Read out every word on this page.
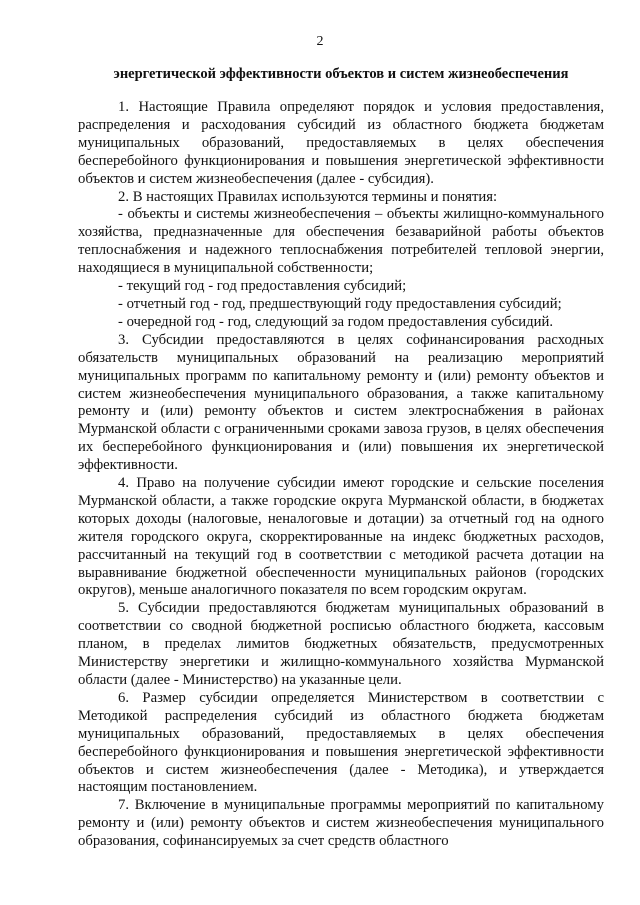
2
энергетической эффективности объектов и систем жизнеобеспечения

1. Настоящие Правила определяют порядок и условия предоставления, распределения и расходования субсидий из областного бюджета бюджетам муниципальных образований, предоставляемых в целях обеспечения бесперебойного функционирования и повышения энергетической эффективности объектов и систем жизнеобеспечения (далее - субсидия).

2. В настоящих Правилах используются термины и понятия:

- объекты и системы жизнеобеспечения – объекты жилищно-коммунального хозяйства, предназначенные для обеспечения безаварийной работы объектов теплоснабжения и надежного теплоснабжения потребителей тепловой энергии, находящиеся в муниципальной собственности;

- текущий год - год предоставления субсидий;

- отчетный год - год, предшествующий году предоставления субсидий;

- очередной год - год, следующий за годом предоставления субсидий.

3. Субсидии предоставляются в целях софинансирования расходных обязательств муниципальных образований на реализацию мероприятий муниципальных программ по капитальному ремонту и (или) ремонту объектов и систем жизнеобеспечения муниципального образования, а также капитальному ремонту и (или) ремонту объектов и систем электроснабжения в районах Мурманской области с ограниченными сроками завоза грузов, в целях обеспечения их бесперебойного функционирования и (или) повышения их энергетической эффективности.

4. Право на получение субсидии имеют городские и сельские поселения Мурманской области, а также городские округа Мурманской области, в бюджетах которых доходы (налоговые, неналоговые и дотации) за отчетный год на одного жителя городского округа, скорректированные на индекс бюджетных расходов, рассчитанный на текущий год в соответствии с методикой расчета дотации на выравнивание бюджетной обеспеченности муниципальных районов (городских округов), меньше аналогичного показателя по всем городским округам.

5. Субсидии предоставляются бюджетам муниципальных образований в соответствии со сводной бюджетной росписью областного бюджета, кассовым планом, в пределах лимитов бюджетных обязательств, предусмотренных Министерству энергетики и жилищно-коммунального хозяйства Мурманской области (далее - Министерство) на указанные цели.

6. Размер субсидии определяется Министерством в соответствии с Методикой распределения субсидий из областного бюджета бюджетам муниципальных образований, предоставляемых в целях обеспечения бесперебойного функционирования и повышения энергетической эффективности объектов и систем жизнеобеспечения (далее - Методика), и утверждается настоящим постановлением.

7. Включение в муниципальные программы мероприятий по капитальному ремонту и (или) ремонту объектов и систем жизнеобеспечения муниципального образования, софинансируемых за счет средств областного
